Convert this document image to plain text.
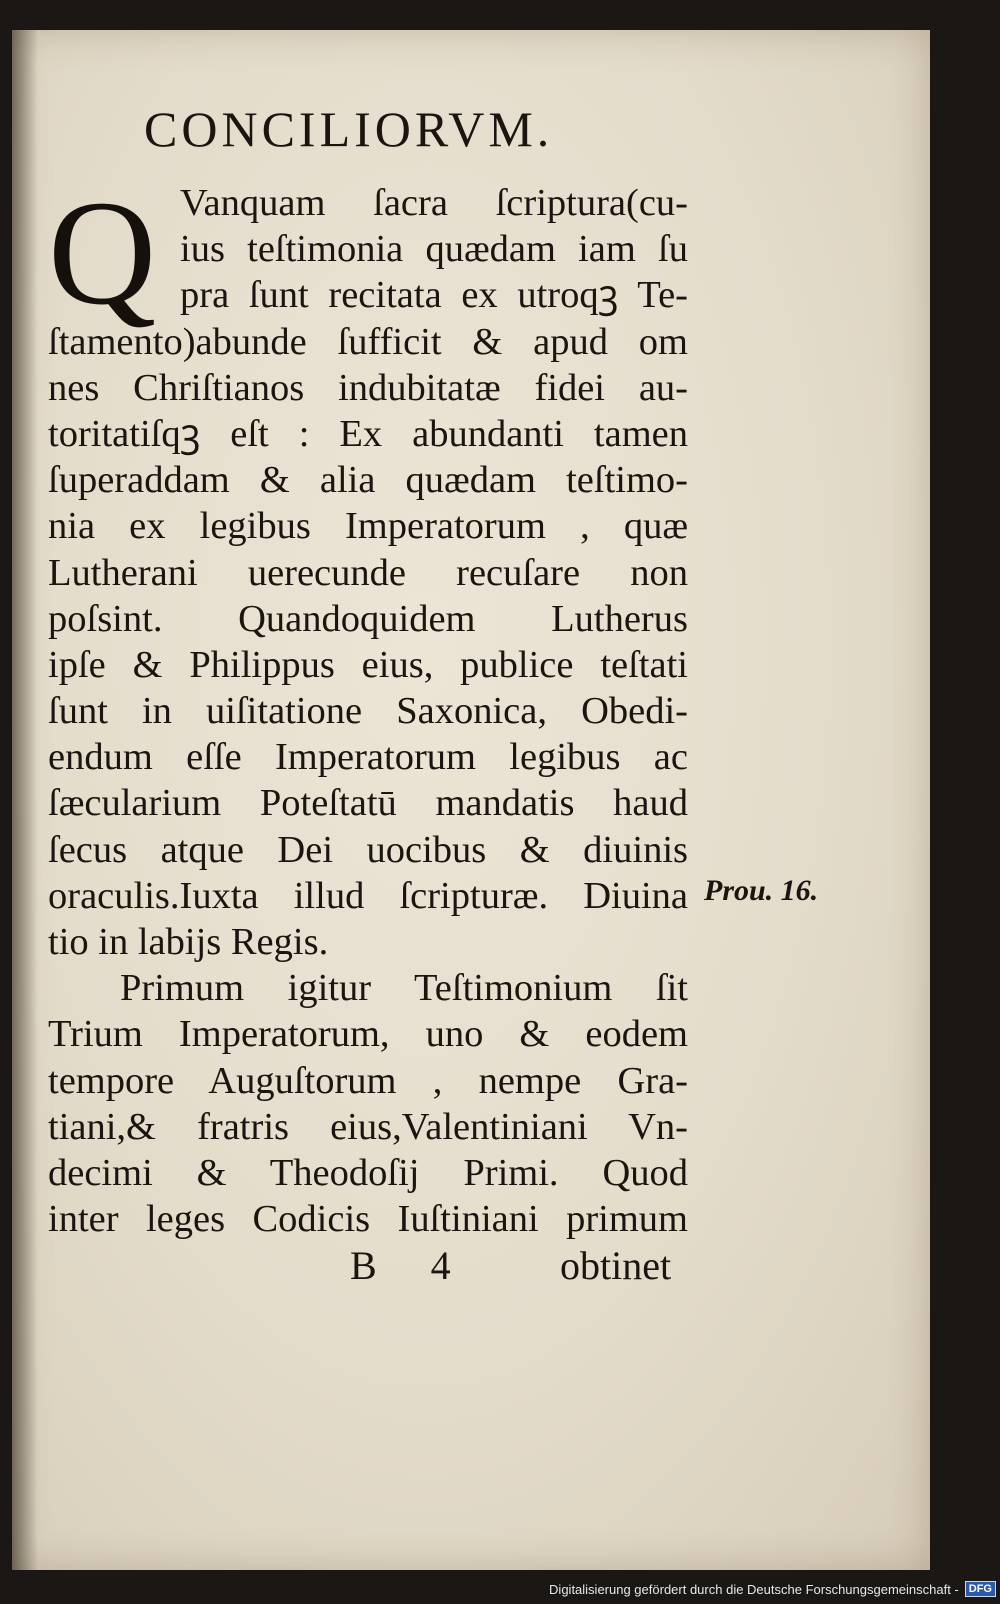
CONCILIORVM.
Q Vanquam ſacra ſcriptura(cu-
ius teſtimonia quædam iam ſu
pra ſunt recitata ex utroqꝫ Te-
ſtamento)abunde ſufficit & apud om
nes Chriſtianos indubitatæ fidei au-
toritatiſqꝫ eſt : Ex abundanti tamen
ſuperaddam & alia quædam teſtimo-
nia ex legibus Imperatorum , quæ
Lutherani uerecunde recuſare non
poſsint. Quandoquidem Lutherus
ipſe & Philippus eius, publice teſtati
ſunt in uiſitatione Saxonica, Obedi-
endum eſſe Imperatorum legibus ac
ſæcularium Poteſtatū mandatis haud
ſecus atque Dei uocibus & diuinis
oraculis.Iuxta illud ſcripturæ. Diuina
tio in labijs Regis.
Primum igitur Teſtimonium ſit
Trium Imperatorum, uno & eodem
tempore Auguſtorum , nempe Gra-
tiani,& fratris eius,Valentiniani Vn-
decimi & Theodoſij Primi. Quod
inter leges Codicis Iuſtiniani primum
Prou. 16.
B 4 obtinet
Digitalisierung gefördert durch die Deutsche Forschungsgemeinschaft - DFG
